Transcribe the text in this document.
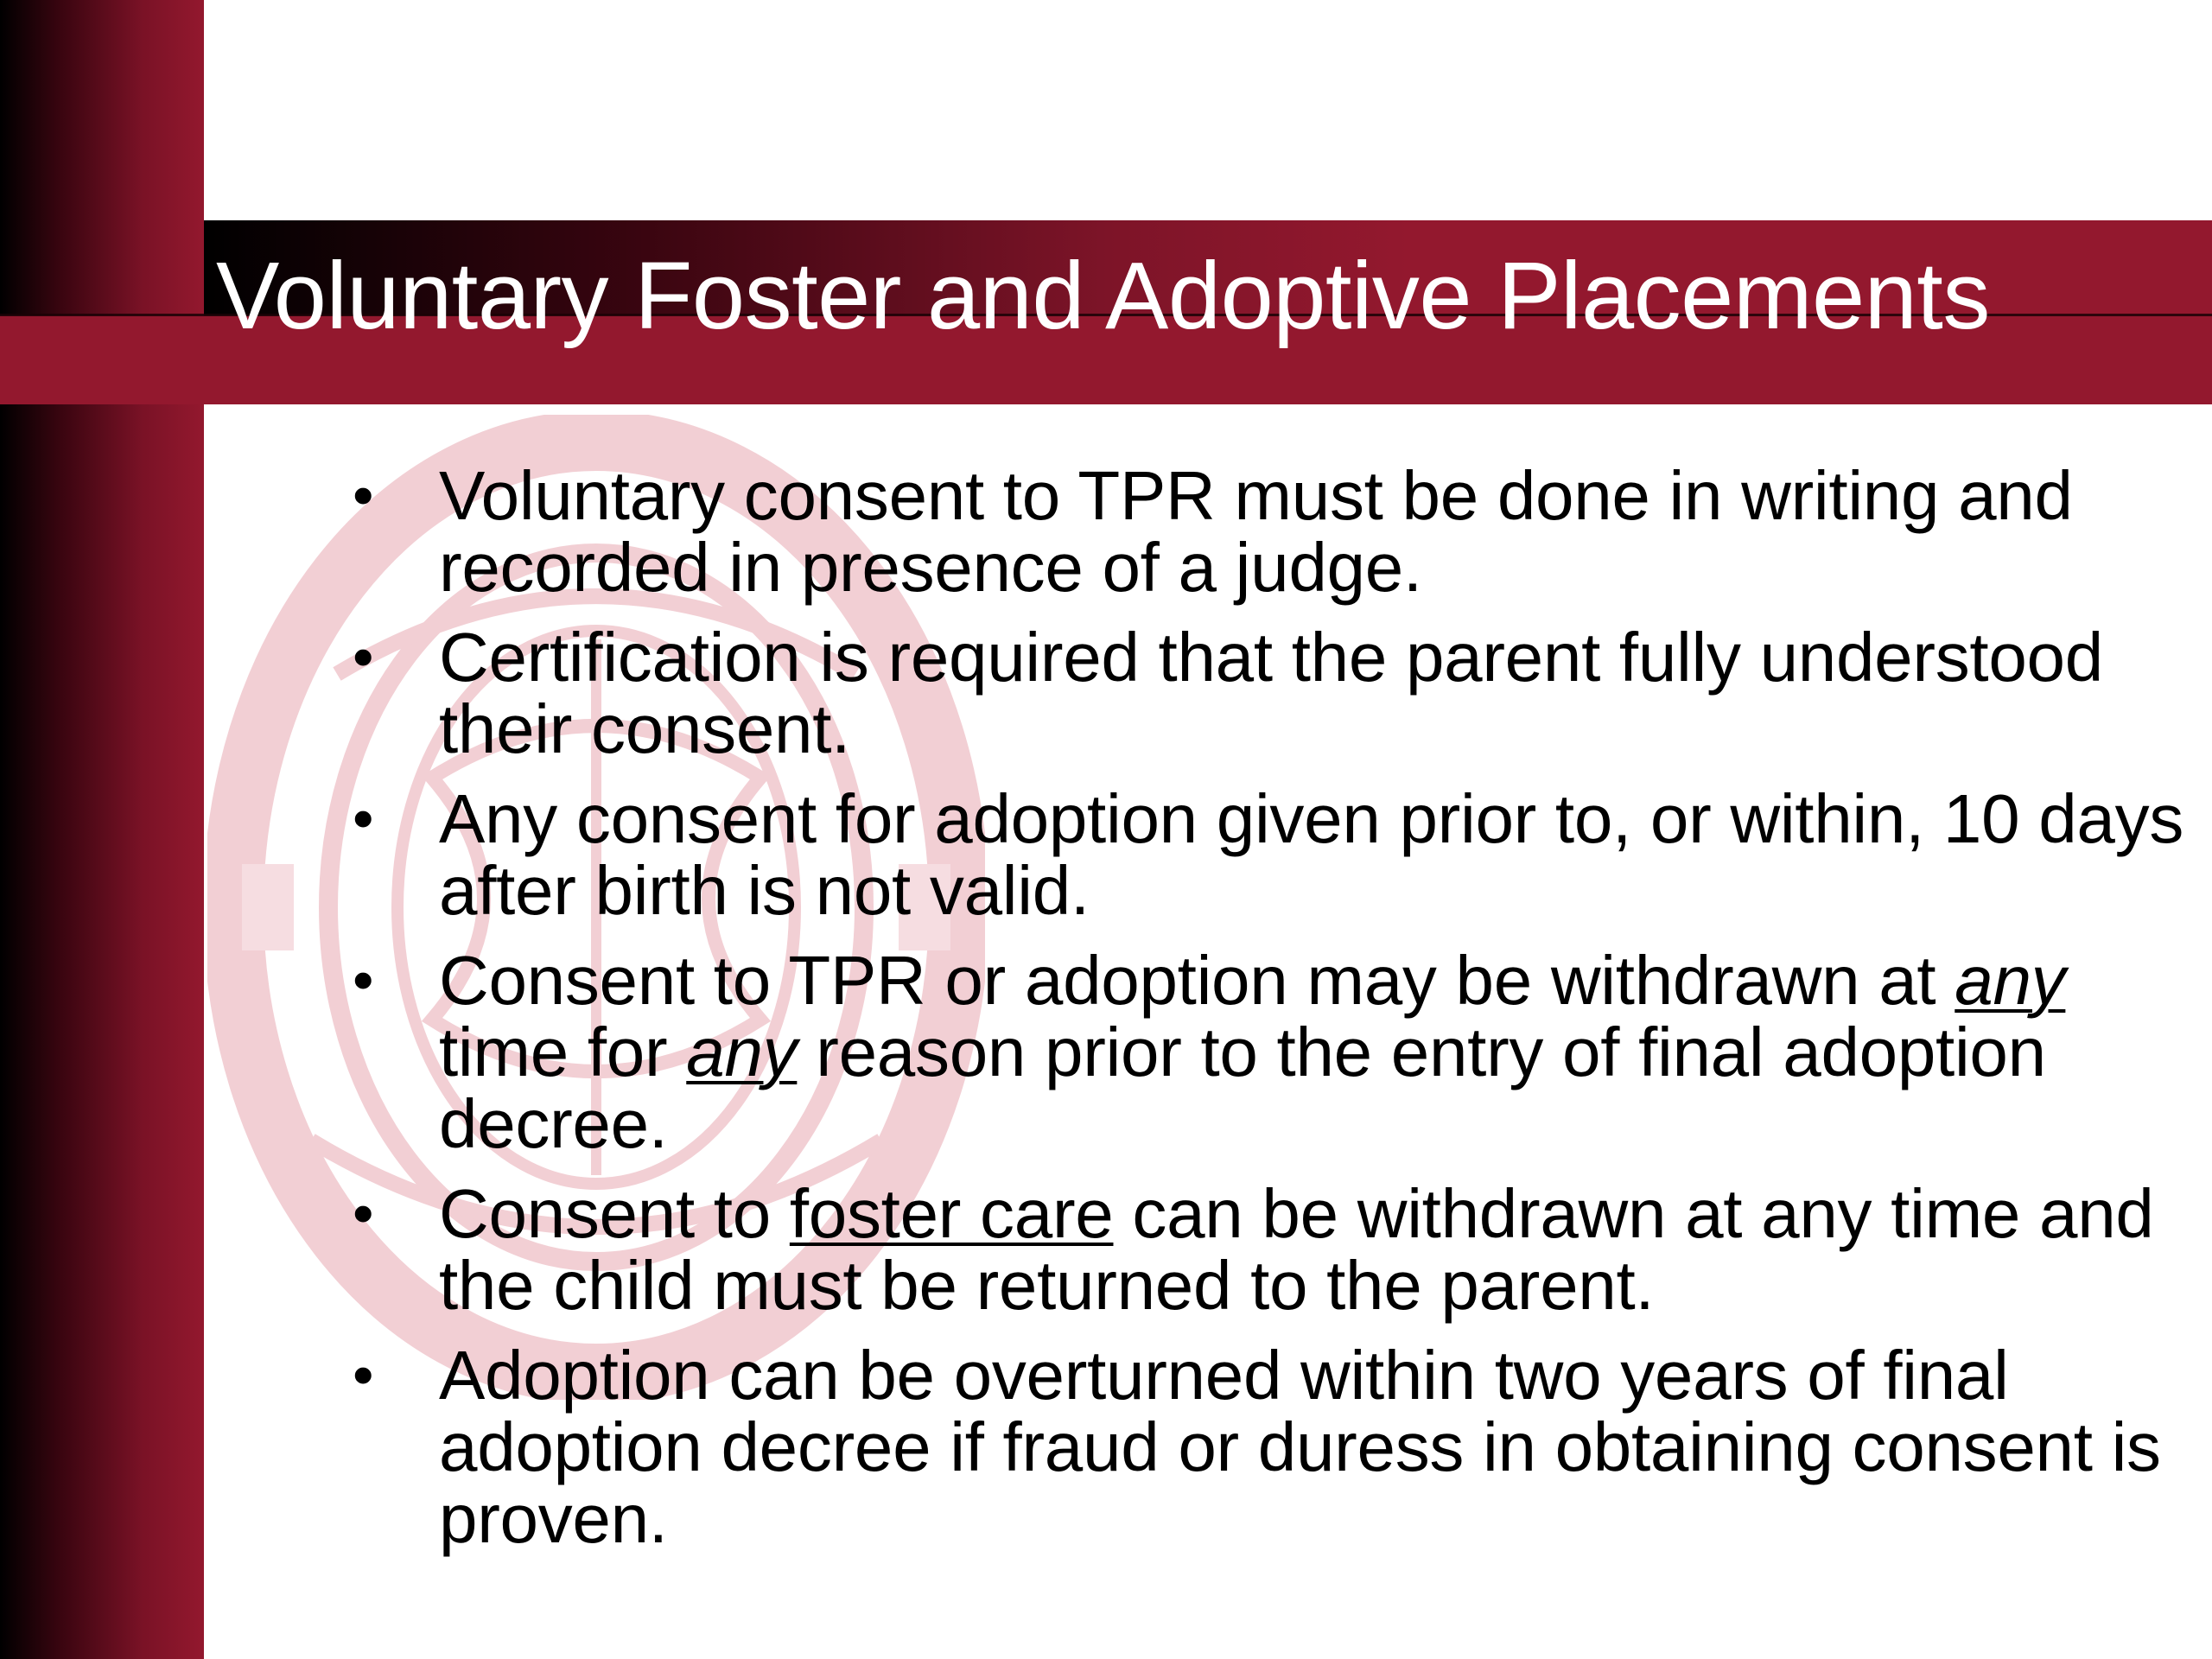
Voluntary Foster and Adoptive Placements
• Voluntary consent to TPR must be done in writing and recorded in presence of a judge.
• Certification is required that the parent fully understood their consent.
• Any consent for adoption given prior to, or within, 10 days after birth is not valid.
• Consent to TPR or adoption may be withdrawn at any time for any reason prior to the entry of final adoption decree.
• Consent to foster care can be withdrawn at any time and the child must be returned to the parent.
• Adoption can be overturned within two years of final adoption decree if fraud or duress in obtaining consent is proven.
